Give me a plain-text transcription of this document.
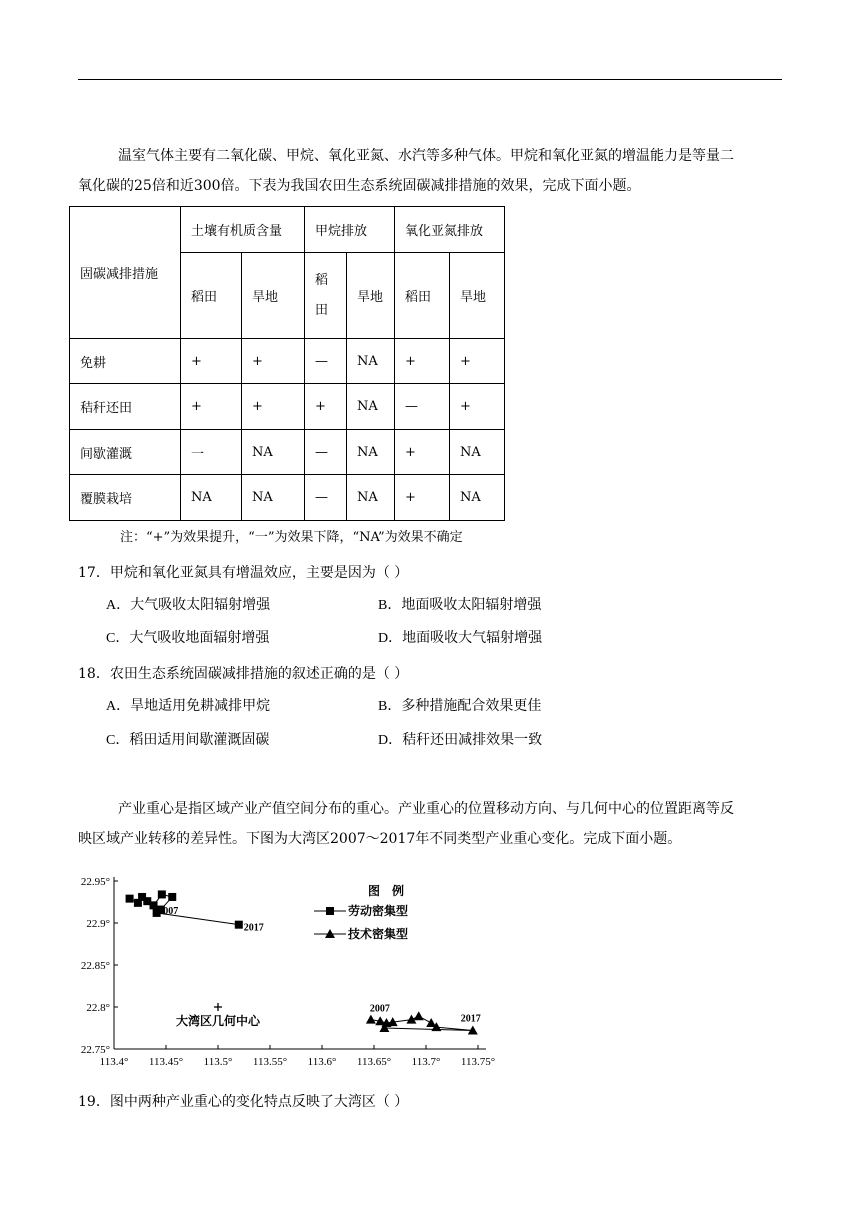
温室气体主要有二氧化碳、甲烷、氧化亚氮、水汽等多种气体。甲烷和氧化亚氮的增温能力是等量二
氧化碳的25倍和近300倍。下表为我国农田生态系统固碳减排措施的效果，完成下面小题。

固碳减排措施	土壤有机质含量		甲烷排放		氧化亚氮排放	
	稻田	旱地	稻田	旱地	稻田	旱地
免耕	+	+	—	NA	+	+
秸秆还田	+	+	+	NA	—	+
间歇灌溉	一	NA	—	NA	+	NA
覆膜栽培	NA	NA	—	NA	+	NA

注：“+”为效果提升，“一”为效果下降，“NA”为效果不确定

17．甲烷和氧化亚氮具有增温效应，主要是因为（ ）

A．大气吸收太阳辐射增强	B．地面吸收太阳辐射增强

C．大气吸收地面辐射增强	D．地面吸收大气辐射增强

18．农田生态系统固碳减排措施的叙述正确的是（ ）

A．旱地适用免耕减排甲烷	B．多种措施配合效果更佳

C．稻田适用间歇灌溉固碳	D．秸秆还田减排效果一致

产业重心是指区域产业产值空间分布的重心。产业重心的位置移动方向、与几何中心的位置距离等反
映区域产业转移的差异性。下图为大湾区2007～2017年不同类型产业重心变化。完成下面小题。

22.75°
22.8°
22.85°
22.9°
22.95°
113.4° 113.45° 113.5° 113.55° 113.6° 113.65° 113.7° 113.75°
2007
2017
2007
2017
大湾区几何中心
图　例
劳动密集型
技术密集型

19．图中两种产业重心的变化特点反映了大湾区（ ）
